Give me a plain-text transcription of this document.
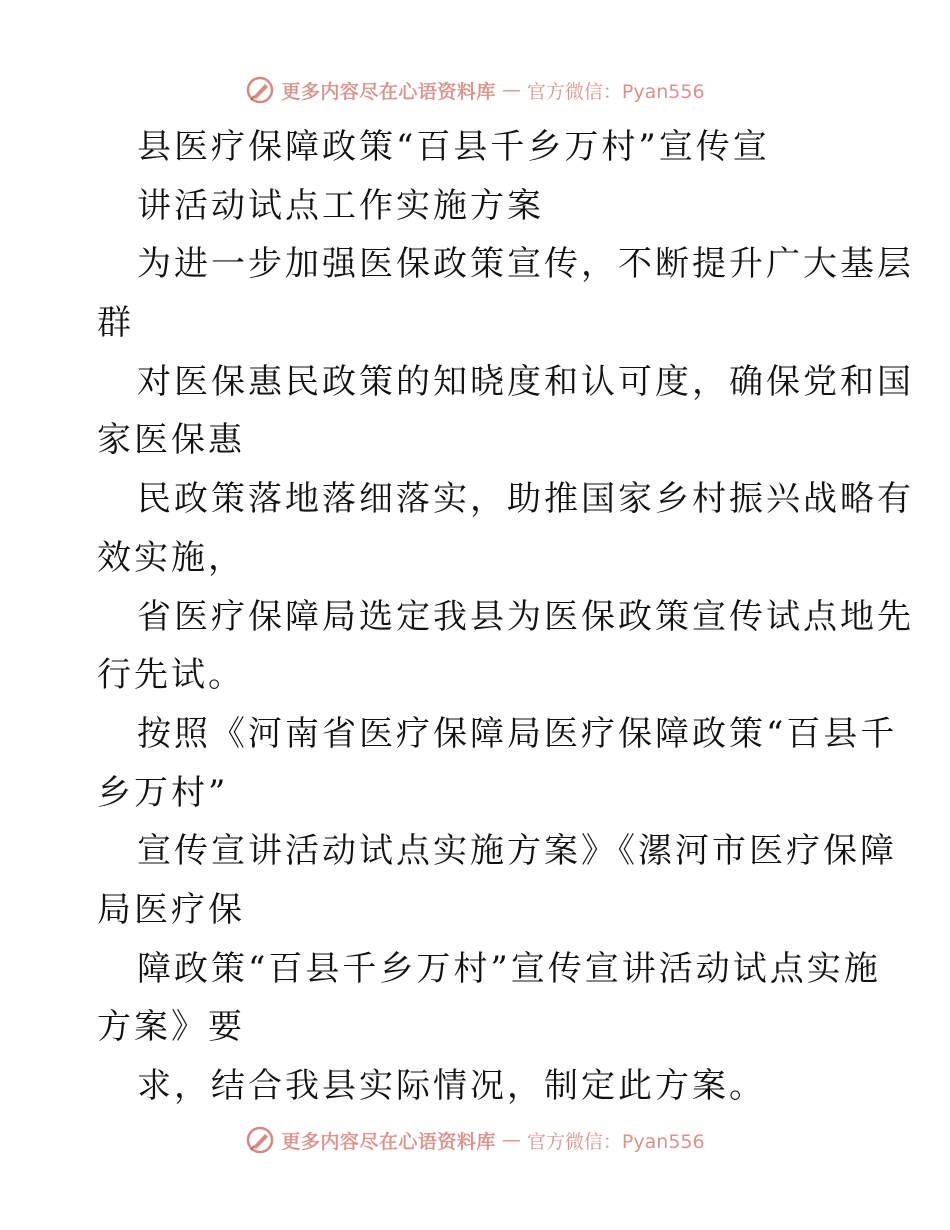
更多内容尽在心语资料库 — 官方微信：Pyan556
县医疗保障政策“百县千乡万村”宣传宣
讲活动试点工作实施方案
为进一步加强医保政策宣传，不断提升广大基层
群
对医保惠民政策的知晓度和认可度，确保党和国
家医保惠
民政策落地落细落实，助推国家乡村振兴战略有
效实施，
省医疗保障局选定我县为医保政策宣传试点地先
行先试。
按照《河南省医疗保障局医疗保障政策“百县千
乡万村”
宣传宣讲活动试点实施方案》《漯河市医疗保障
局医疗保
障政策“百县千乡万村”宣传宣讲活动试点实施
方案》要
求，结合我县实际情况，制定此方案。
更多内容尽在心语资料库 — 官方微信：Pyan556
